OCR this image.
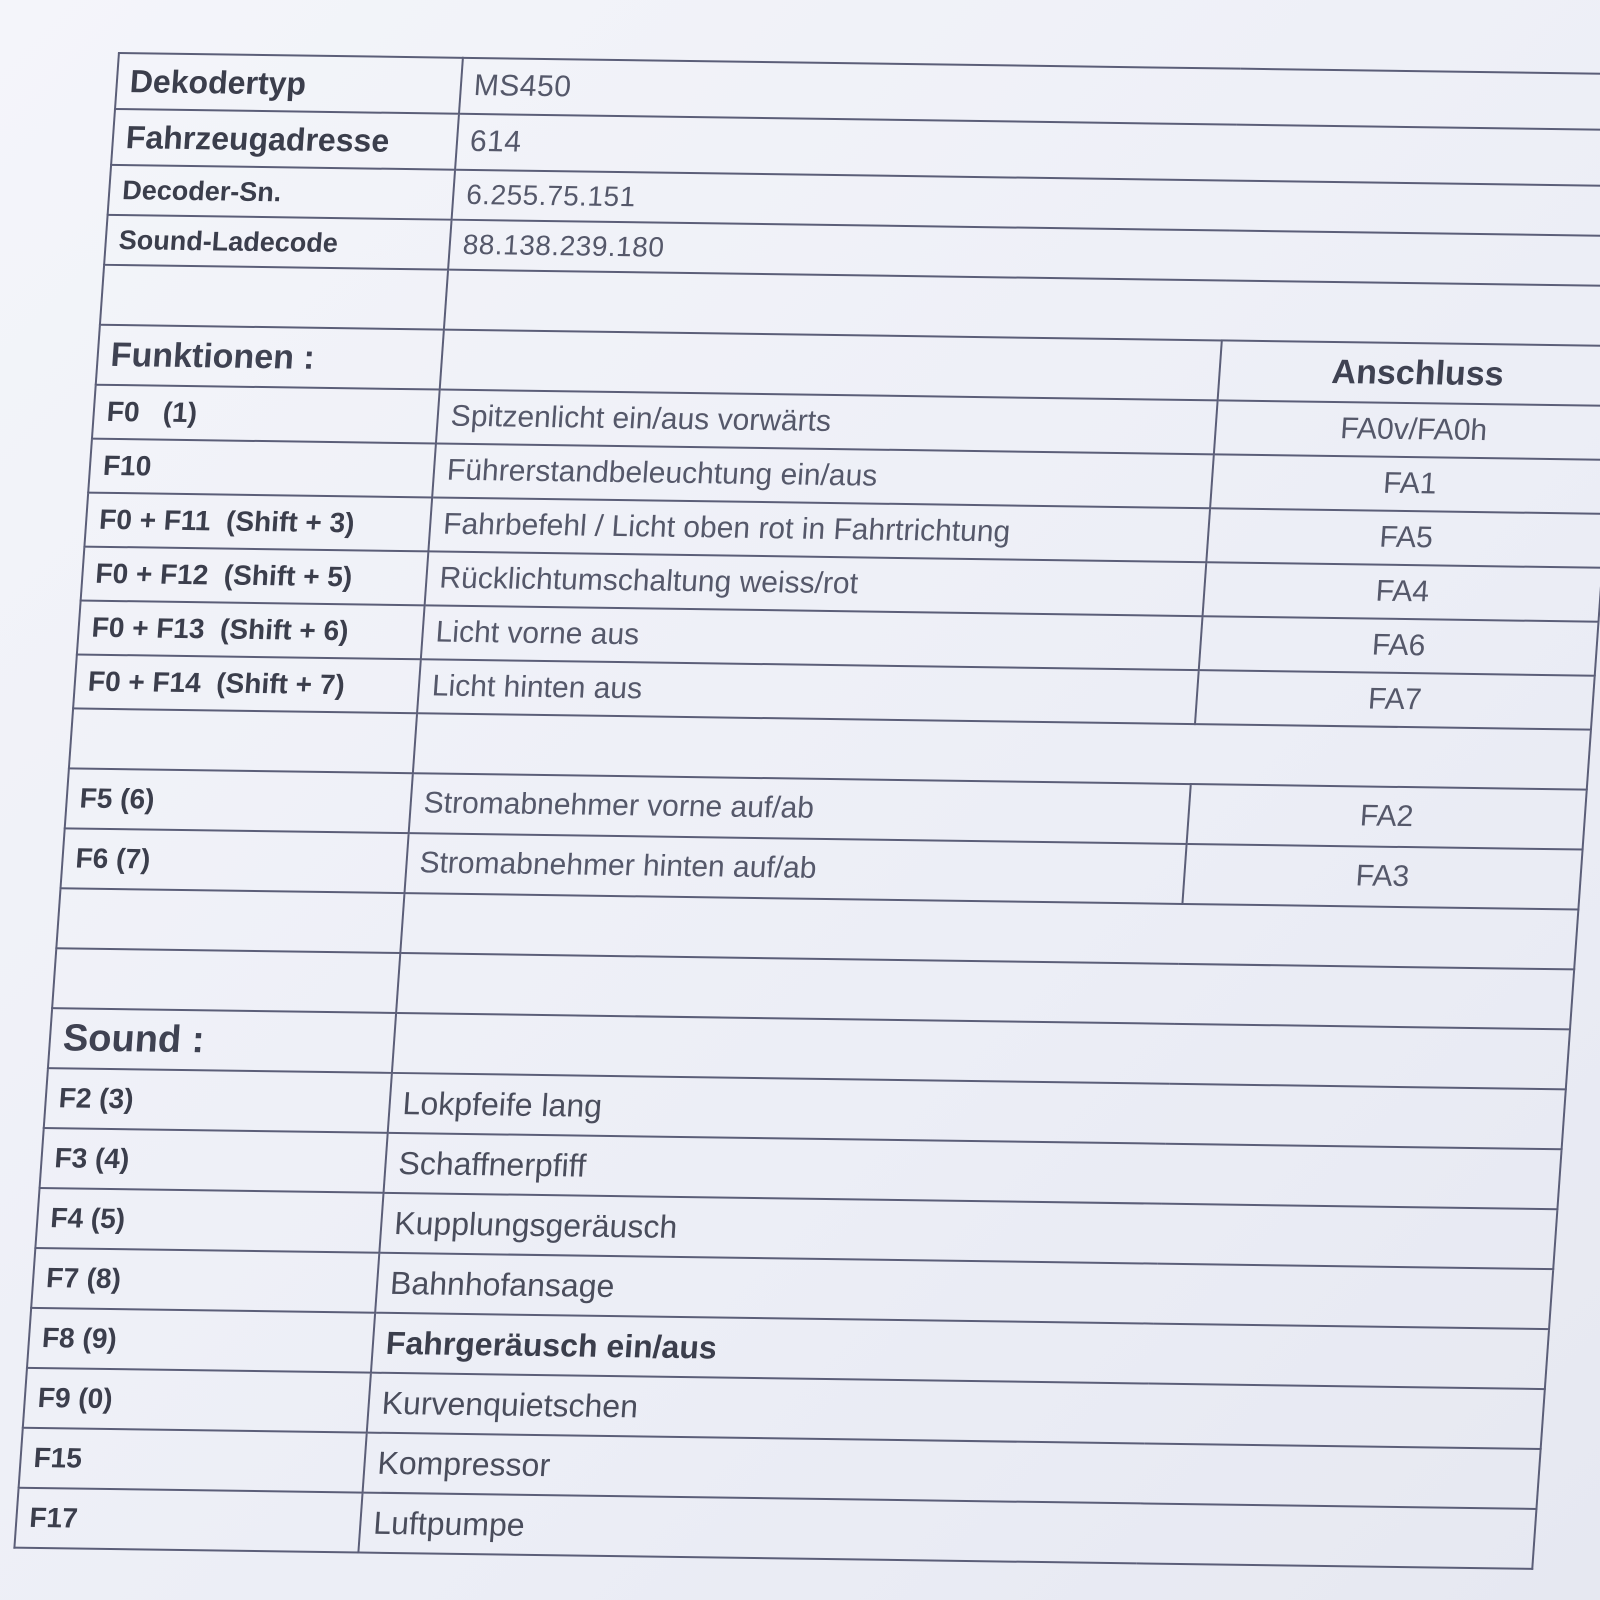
Dekodertyp	MS450	
Fahrzeugadresse	614	
Decoder-Sn.	6.255.75.151	
Sound-Ladecode	88.138.239.180	

Funktionen :		Anschluss
F0   (1)	Spitzenlicht ein/aus vorwärts	FA0v/FA0h
F10	Führerstandbeleuchtung ein/aus	FA1
F0 + F11  (Shift + 3)	Fahrbefehl / Licht oben rot in Fahrtrichtung	FA5
F0 + F12  (Shift + 5)	Rücklichtumschaltung weiss/rot	FA4
F0 + F13  (Shift + 6)	Licht vorne aus	FA6
F0 + F14  (Shift + 7)	Licht hinten aus	FA7

F5 (6)	Stromabnehmer vorne auf/ab	FA2
F6 (7)	Stromabnehmer hinten auf/ab	FA3

Sound :		
F2 (3)	Lokpfeife lang	
F3 (4)	Schaffnerpfiff	
F4 (5)	Kupplungsgeräusch	
F7 (8)	Bahnhofansage	
F8 (9)	Fahrgeräusch ein/aus	
F9 (0)	Kurvenquietschen	
F15	Kompressor	
F17	Luftpumpe	
